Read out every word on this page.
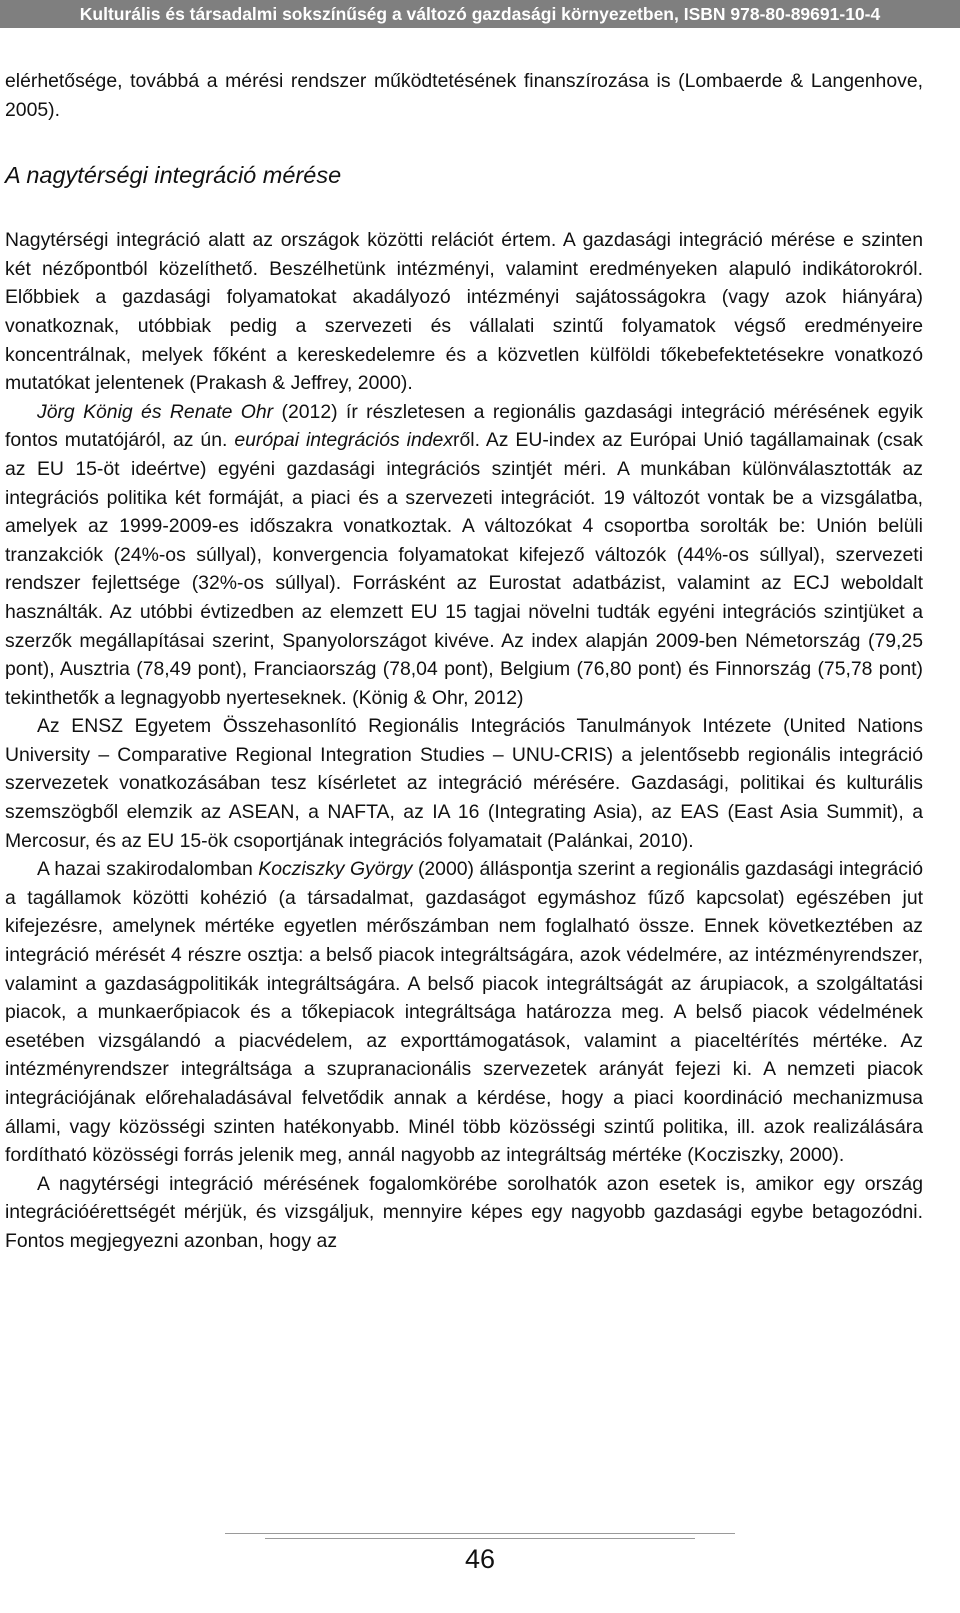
Kulturális és társadalmi sokszínűség a változó gazdasági környezetben, ISBN 978-80-89691-10-4

elérhetősége, továbbá a mérési rendszer működtetésének finanszírozása is (Lombaerde & Langenhove, 2005).

A nagytérségi integráció mérése

Nagytérségi integráció alatt az országok közötti relációt értem. A gazdasági integráció mérése e szinten két nézőpontból közelíthető. Beszélhetünk intézményi, valamint eredményeken alapuló indikátorokról. Előbbiek a gazdasági folyamatokat akadályozó intézményi sajátosságokra (vagy azok hiányára) vonatkoznak, utóbbiak pedig a szervezeti és vállalati szintű folyamatok végső eredményeire koncentrálnak, melyek főként a kereskedelemre és a közvetlen külföldi tőkebefektetésekre vonatkozó mutatókat jelentenek (Prakash & Jeffrey, 2000).

Jörg König és Renate Ohr (2012) ír részletesen a regionális gazdasági integráció mérésének egyik fontos mutatójáról, az ún. európai integrációs indexről. Az EU-index az Európai Unió tagállamainak (csak az EU 15-öt ideértve) egyéni gazdasági integrációs szintjét méri. A munkában különválasztották az integrációs politika két formáját, a piaci és a szervezeti integrációt. 19 változót vontak be a vizsgálatba, amelyek az 1999-2009-es időszakra vonatkoztak. A változókat 4 csoportba sorolták be: Unión belüli tranzakciók (24%-os súllyal), konvergencia folyamatokat kifejező változók (44%-os súllyal), szervezeti rendszer fejlettsége (32%-os súllyal). Forrásként az Eurostat adatbázist, valamint az ECJ weboldalt használták. Az utóbbi évtizedben az elemzett EU 15 tagjai növelni tudták egyéni integrációs szintjüket a szerzők megállapításai szerint, Spanyolországot kivéve. Az index alapján 2009-ben Németország (79,25 pont), Ausztria (78,49 pont), Franciaország (78,04 pont), Belgium (76,80 pont) és Finnország (75,78 pont) tekinthetők a legnagyobb nyerteseknek. (König & Ohr, 2012)

Az ENSZ Egyetem Összehasonlító Regionális Integrációs Tanulmányok Intézete (United Nations University – Comparative Regional Integration Studies – UNU-CRIS) a jelentősebb regionális integráció szervezetek vonatkozásában tesz kísérletet az integráció mérésére. Gazdasági, politikai és kulturális szemszögből elemzik az ASEAN, a NAFTA, az IA 16 (Integrating Asia), az EAS (East Asia Summit), a Mercosur, és az EU 15-ök csoportjának integrációs folyamatait (Palánkai, 2010).

A hazai szakirodalomban Kocziszky György (2000) álláspontja szerint a regionális gazdasági integráció a tagállamok közötti kohézió (a társadalmat, gazdaságot egymáshoz fűző kapcsolat) egészében jut kifejezésre, amelynek mértéke egyetlen mérőszámban nem foglalható össze. Ennek következtében az integráció mérését 4 részre osztja: a belső piacok integráltságára, azok védelmére, az intézményrendszer, valamint a gazdaságpolitikák integráltságára. A belső piacok integráltságát az árupiacok, a szolgáltatási piacok, a munkaerőpiacok és a tőkepiacok integráltsága határozza meg. A belső piacok védelmének esetében vizsgálandó a piacvédelem, az exporttámogatások, valamint a piaceltérítés mértéke. Az intézményrendszer integráltsága a szupranacionális szervezetek arányát fejezi ki. A nemzeti piacok integrációjának előrehaladásával felvetődik annak a kérdése, hogy a piaci koordináció mechanizmusa állami, vagy közösségi szinten hatékonyabb. Minél több közösségi szintű politika, ill. azok realizálására fordítható közösségi forrás jelenik meg, annál nagyobb az integráltság mértéke (Kocziszky, 2000).

A nagytérségi integráció mérésének fogalomkörébe sorolhatók azon esetek is, amikor egy ország integrációérettségét mérjük, és vizsgáljuk, mennyire képes egy nagyobb gazdasági egybe betagozódni. Fontos megjegyezni azonban, hogy az

46
